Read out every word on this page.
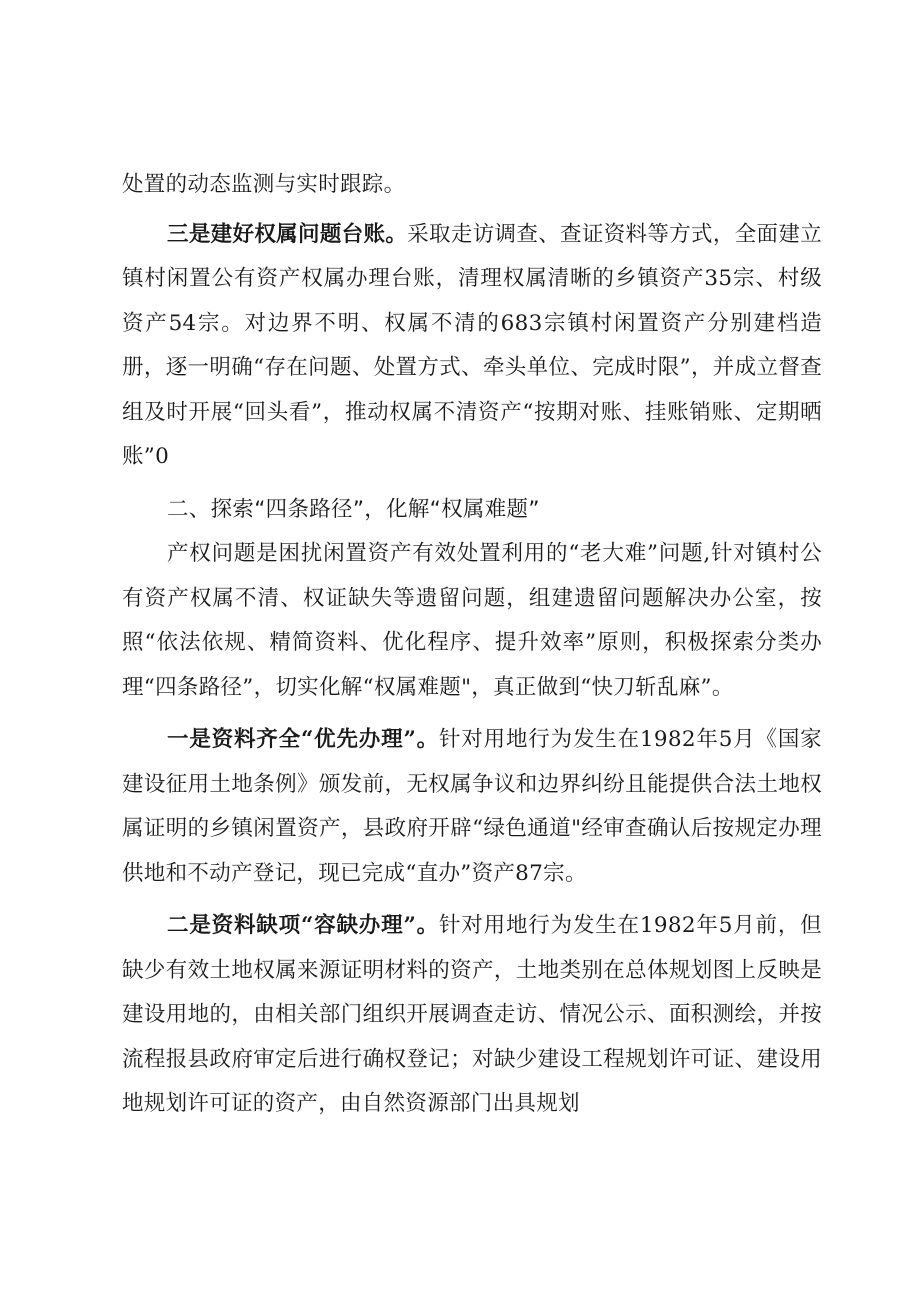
处置的动态监测与实时跟踪。

三是建好权属问题台账。采取走访调查、查证资料等方式，全面建立镇村闲置公有资产权属办理台账，清理权属清晰的乡镇资产35宗、村级资产54宗。对边界不明、权属不清的683宗镇村闲置资产分别建档造册，逐一明确“存在问题、处置方式、牵头单位、完成时限”，并成立督查组及时开展“回头看”，推动权属不清资产“按期对账、挂账销账、定期晒账”0

二、探索“四条路径”，化解“权属难题”

产权问题是困扰闲置资产有效处置利用的“老大难”问题,针对镇村公有资产权属不清、权证缺失等遗留问题，组建遗留问题解决办公室，按照“依法依规、精简资料、优化程序、提升效率”原则，积极探索分类办理“四条路径”，切实化解“权属难题"，真正做到“快刀斩乱麻”。

一是资料齐全“优先办理”。针对用地行为发生在1982年5月《国家建设征用土地条例》颁发前，无权属争议和边界纠纷且能提供合法土地权属证明的乡镇闲置资产，县政府开辟“绿色通道"经审查确认后按规定办理供地和不动产登记，现已完成“直办”资产87宗。

二是资料缺项“容缺办理”。针对用地行为发生在1982年5月前，但缺少有效土地权属来源证明材料的资产，土地类别在总体规划图上反映是建设用地的，由相关部门组织开展调查走访、情况公示、面积测绘，并按流程报县政府审定后进行确权登记；对缺少建设工程规划许可证、建设用地规划许可证的资产，由自然资源部门出具规划
